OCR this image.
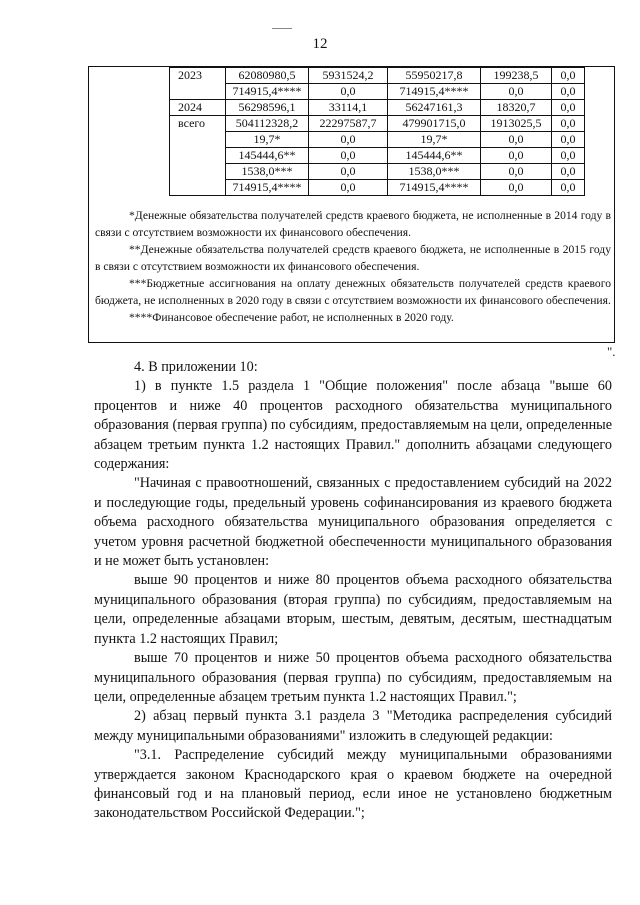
12
	2023	62080980,5	5931524,2	55950217,8	199238,5	0,0	
		714915,4****	0,0	714915,4****	0,0	0,0	
	2024	56298596,1	33114,1	56247161,3	18320,7	0,0	
	всего	504112328,2	22297587,7	479901715,0	1913025,5	0,0	
		19,7*	0,0	19,7*	0,0	0,0	
		145444,6**	0,0	145444,6**	0,0	0,0	
		1538,0***	0,0	1538,0***	0,0	0,0	
		714915,4****	0,0	714915,4****	0,0	0,0	

*Денежные обязательства получателей средств краевого бюджета, не исполненные в 2014 году в связи с отсутствием возможности их финансового обеспечения.

**Денежные обязательства получателей средств краевого бюджета, не исполненные в 2015 году в связи с отсутствием возможности их финансового обеспечения.

***Бюджетные ассигнования на оплату денежных обязательств получателей средств краевого бюджета, не исполненных в 2020 году в связи с отсутствием возможности их финансового обеспечения.

****Финансовое обеспечение работ, не исполненных в 2020 году.

".

4. В приложении 10:

1) в пункте 1.5 раздела 1 "Общие положения" после абзаца "выше 60 процентов и ниже 40 процентов расходного обязательства муниципального образования (первая группа) по субсидиям, предоставляемым на цели, определенные абзацем третьим пункта 1.2 настоящих Правил." дополнить абзацами следующего содержания:

"Начиная с правоотношений, связанных с предоставлением субсидий на 2022 и последующие годы, предельный уровень софинансирования из краевого бюджета объема расходного обязательства муниципального образования определяется с учетом уровня расчетной бюджетной обеспеченности муниципального образования и не может быть установлен:

выше 90 процентов и ниже 80 процентов объема расходного обязательства муниципального образования (вторая группа) по субсидиям, предоставляемым на цели, определенные абзацами вторым, шестым, девятым, десятым, шестнадцатым пункта 1.2 настоящих Правил;

выше 70 процентов и ниже 50 процентов объема расходного обязательства муниципального образования (первая группа) по субсидиям, предоставляемым на цели, определенные абзацем третьим пункта 1.2 настоящих Правил.";

2) абзац первый пункта 3.1 раздела 3 "Методика распределения субсидий между муниципальными образованиями" изложить в следующей редакции:

"3.1. Распределение субсидий между муниципальными образованиями утверждается законом Краснодарского края о краевом бюджете на очередной финансовый год и на плановый период, если иное не установлено бюджетным законодательством Российской Федерации.";
